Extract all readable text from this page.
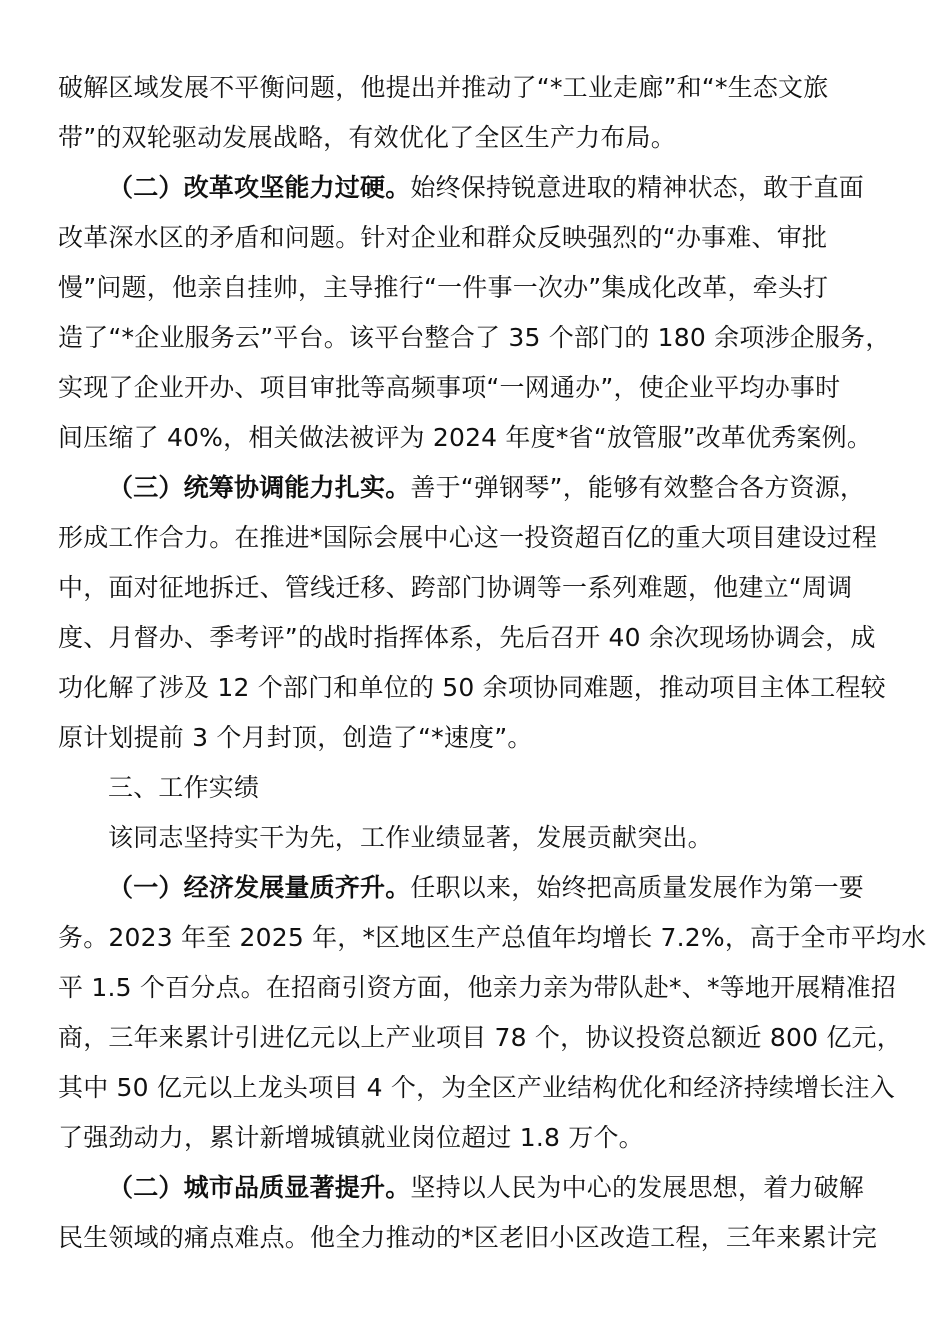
破解区域发展不平衡问题，他提出并推动了“*工业走廊”和“*生态文旅
带”的双轮驱动发展战略，有效优化了全区生产力布局。
（二）改革攻坚能力过硬。始终保持锐意进取的精神状态，敢于直面
改革深水区的矛盾和问题。针对企业和群众反映强烈的“办事难、审批
慢”问题，他亲自挂帅，主导推行“一件事一次办”集成化改革，牵头打
造了“*企业服务云”平台。该平台整合了 35 个部门的 180 余项涉企服务，
实现了企业开办、项目审批等高频事项“一网通办”，使企业平均办事时
间压缩了 40%，相关做法被评为 2024 年度*省“放管服”改革优秀案例。
（三）统筹协调能力扎实。善于“弹钢琴”，能够有效整合各方资源，
形成工作合力。在推进*国际会展中心这一投资超百亿的重大项目建设过程
中，面对征地拆迁、管线迁移、跨部门协调等一系列难题，他建立“周调
度、月督办、季考评”的战时指挥体系，先后召开 40 余次现场协调会，成
功化解了涉及 12 个部门和单位的 50 余项协同难题，推动项目主体工程较
原计划提前 3 个月封顶，创造了“*速度”。
三、工作实绩
该同志坚持实干为先，工作业绩显著，发展贡献突出。
（一）经济发展量质齐升。任职以来，始终把高质量发展作为第一要
务。2023 年至 2025 年，*区地区生产总值年均增长 7.2%，高于全市平均水
平 1.5 个百分点。在招商引资方面，他亲力亲为带队赴*、*等地开展精准招
商，三年来累计引进亿元以上产业项目 78 个，协议投资总额近 800 亿元，
其中 50 亿元以上龙头项目 4 个，为全区产业结构优化和经济持续增长注入
了强劲动力，累计新增城镇就业岗位超过 1.8 万个。
（二）城市品质显著提升。坚持以人民为中心的发展思想，着力破解
民生领域的痛点难点。他全力推动的*区老旧小区改造工程，三年来累计完
